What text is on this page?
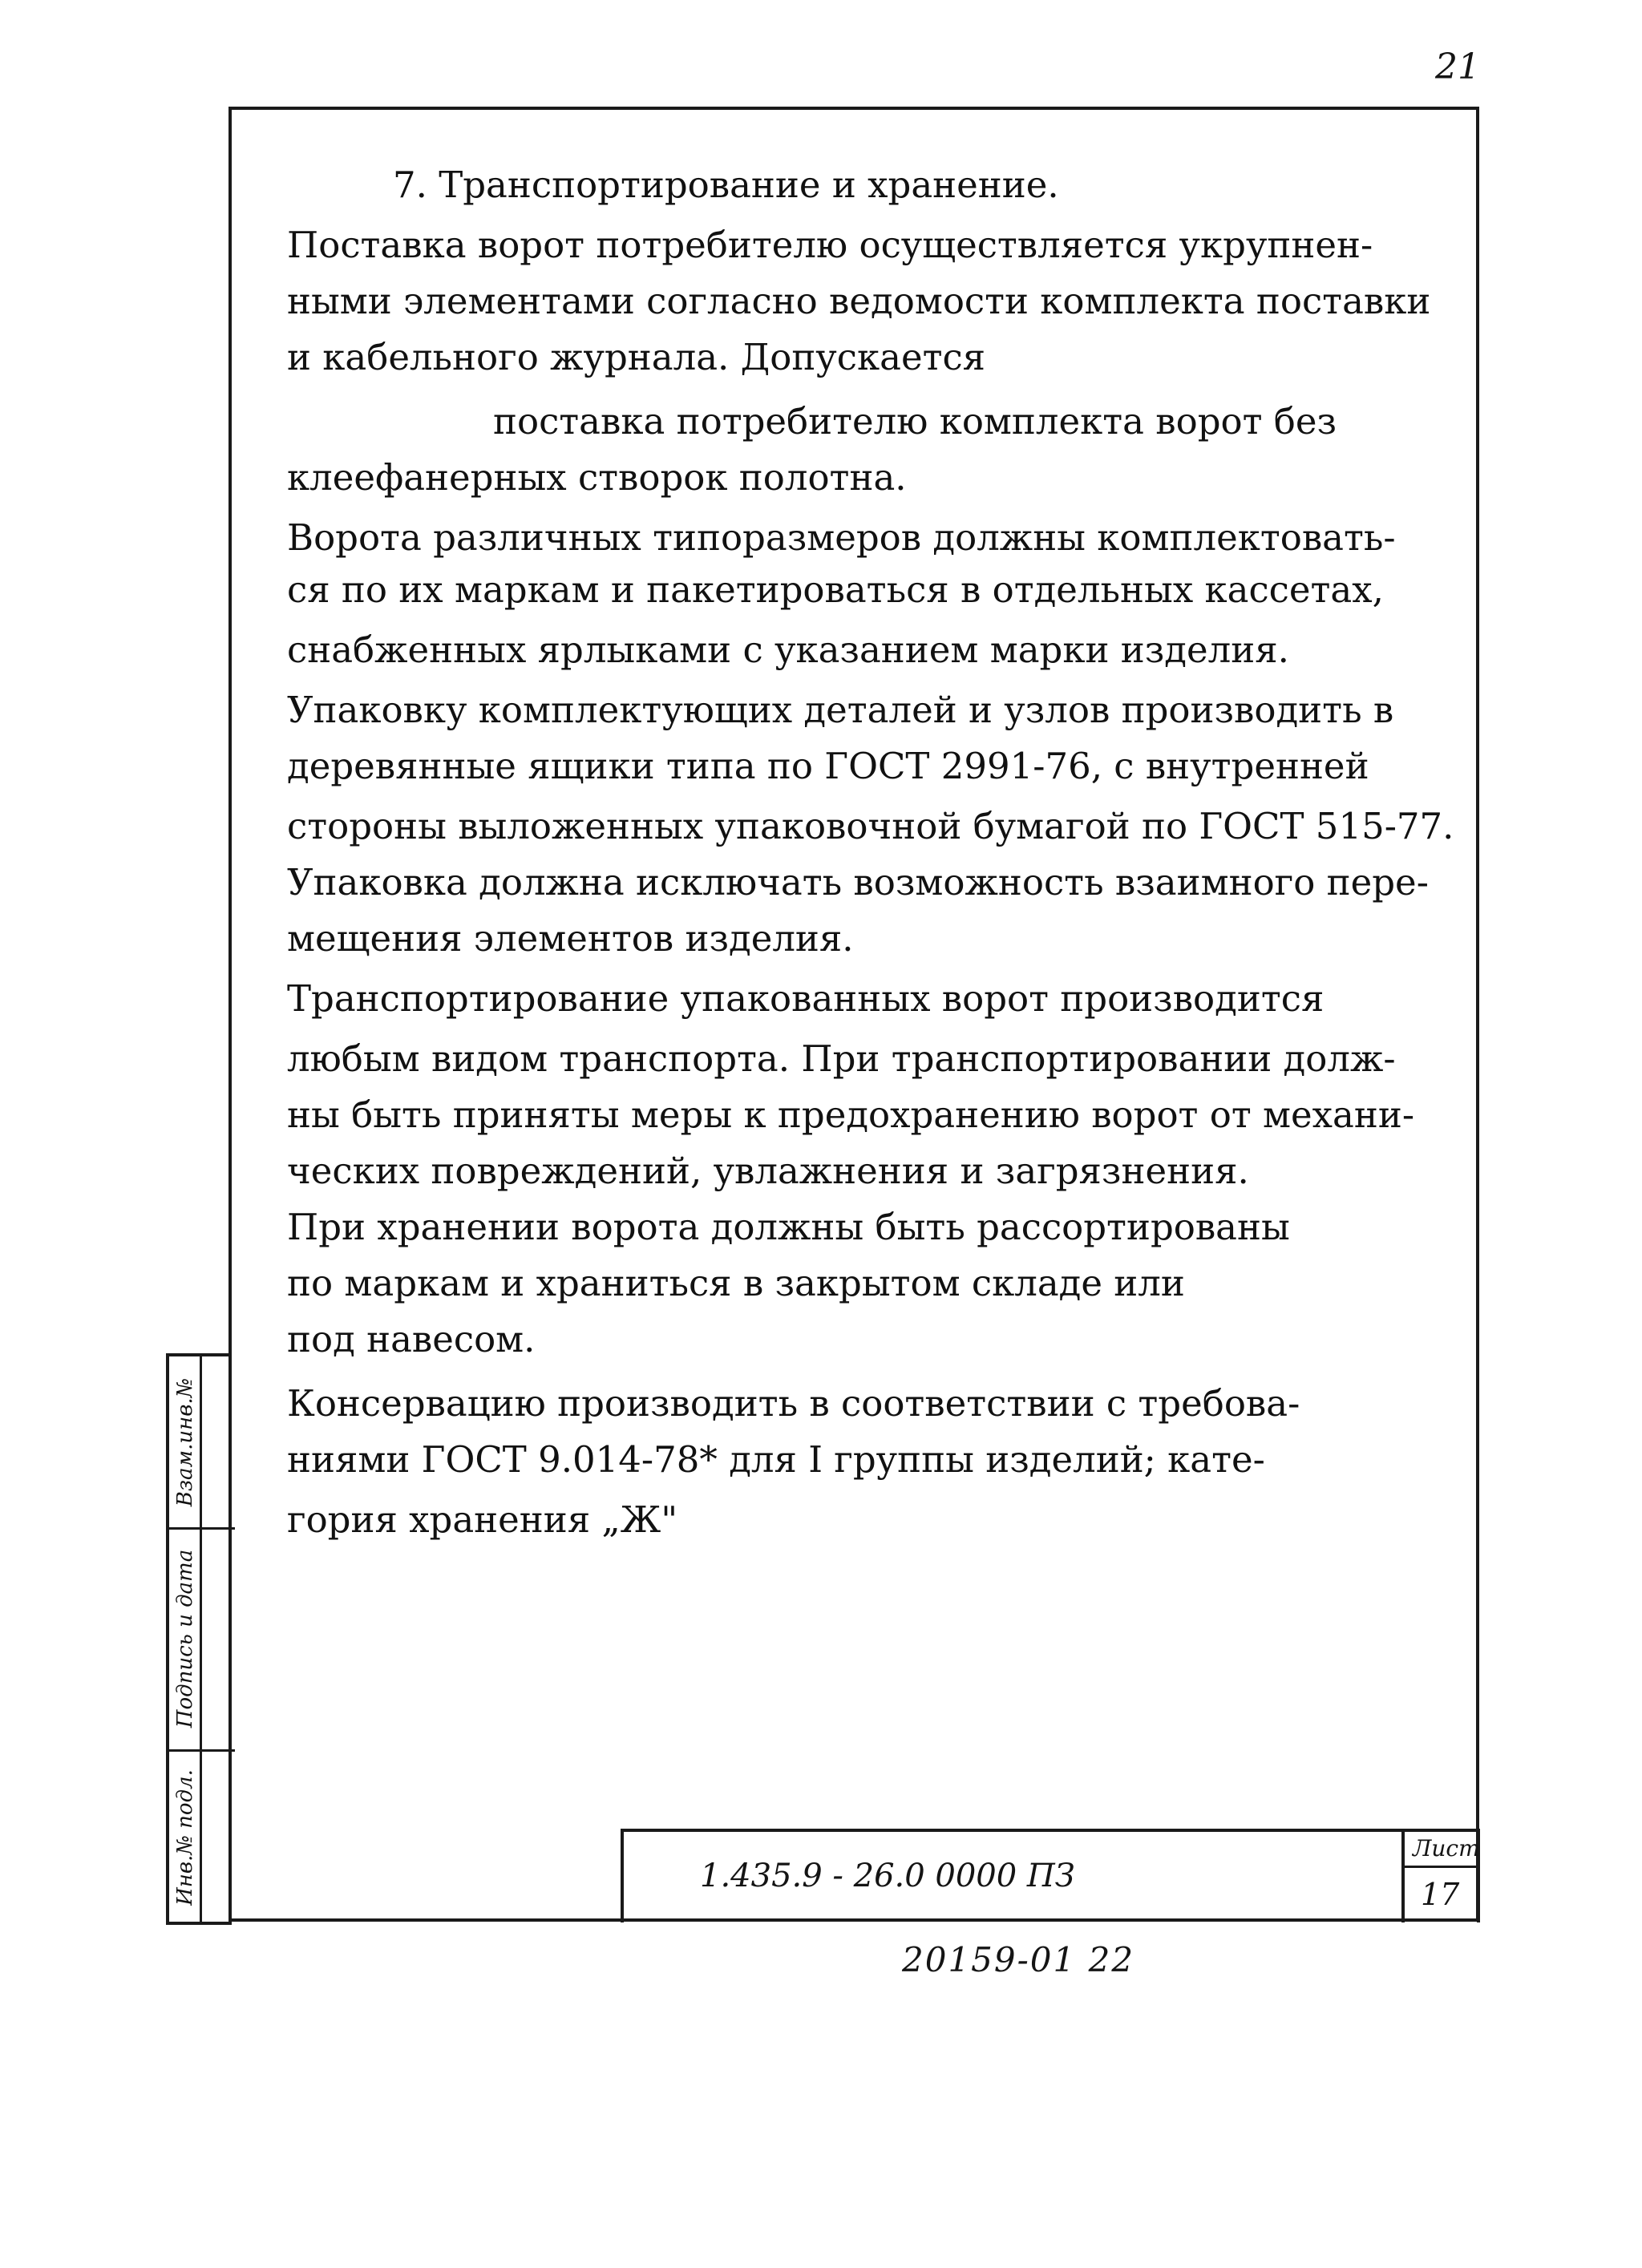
21
7. Транспортирование и хранение.
Поставка ворот потребителю осуществляется укрупнен-
ными элементами согласно ведомости комплекта поставки
и кабельного журнала. Допускается
поставка потребителю комплекта ворот без
клеефанерных створок полотна.
Ворота различных типоразмеров должны комплектовать-
ся по их маркам и пакетироваться в отдельных кассетах,
снабженных ярлыками с указанием марки изделия.
Упаковку комплектующих деталей и узлов производить в
деревянные ящики типа по ГОСТ 2991-76, с внутренней
стороны выложенных упаковочной бумагой по ГОСТ 515-77.
Упаковка должна исключать возможность взаимного пере-
мещения элементов изделия.
Транспортирование упакованных ворот производится
любым видом транспорта. При транспортировании долж-
ны быть приняты меры к предохранению ворот от механи-
ческих повреждений, увлажнения и загрязнения.
При хранении ворота должны быть рассортированы
по маркам и храниться в закрытом складе или
под навесом.
Консервацию производить в соответствии с требова-
ниями ГОСТ 9.014-78* для I группы изделий; кате-
гория хранения „Ж"
Взам.инв.№
Подпись и дата
Инв.№ подл.	1.435.9 - 26.0 0000 ПЗ
Лист
17
20159-01 22
